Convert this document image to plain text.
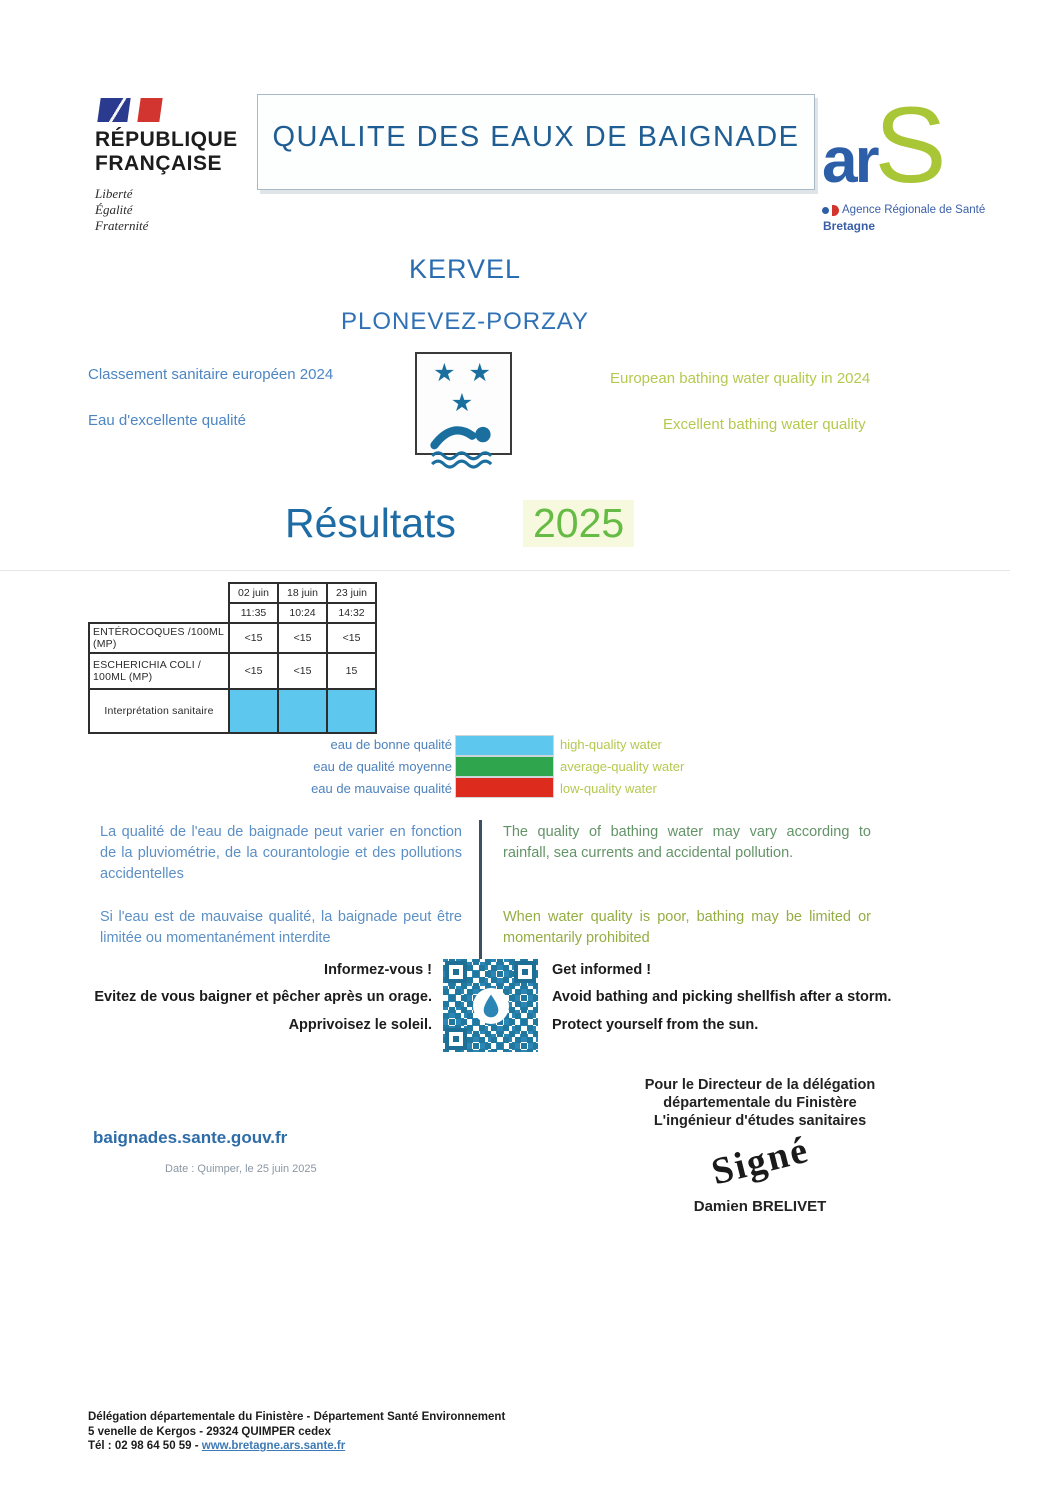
RÉPUBLIQUE
FRANÇAISE
Liberté
Égalité
Fraternité
QUALITE DES EAUX DE BAIGNADE arS
Agence Régionale de Santé
Bretagne
KERVEL
PLONEVEZ-PORZAY
Classement sanitaire européen 2024
Eau d'excellente qualité
★ ★ ★
European bathing water quality in 2024
Excellent bathing water quality
Résultats 2025
	02 juin	18 juin	23 juin
	11:35	10:24	14:32
ENTÉROCOQUES /100ML (MP)	<15	<15	<15
ESCHERICHIA COLI / 100ML (MP)	<15	<15	15
Interprétation sanitaire			
eau de bonne qualité
eau de qualité moyenne
eau de mauvaise qualité
high-quality water
average-quality water
low-quality water
La qualité de l'eau de baignade peut varier en fonction de la pluviométrie, de la courantologie et des pollutions accidentelles
Si l'eau est de mauvaise qualité, la baignade peut être limitée ou momentanément interdite
The quality of bathing water may vary according to rainfall, sea currents and accidental pollution.
When water quality is poor, bathing may be limited or momentarily prohibited
Informez-vous !
Evitez de vous baigner et pêcher après un orage.
Apprivoisez le soleil.
Get informed !
Avoid bathing and picking shellfish after a storm.
Protect yourself from the sun.
Pour le Directeur de la délégation
départementale du Finistère
L'ingénieur d'études sanitaires
Signé
Damien BRELIVET
baignades.sante.gouv.fr
Date : Quimper, le 25 juin 2025
Délégation départementale du Finistère - Département Santé Environnement
5 venelle de Kergos - 29324 QUIMPER cedex
Tél : 02 98 64 50 59 - www.bretagne.ars.sante.fr
